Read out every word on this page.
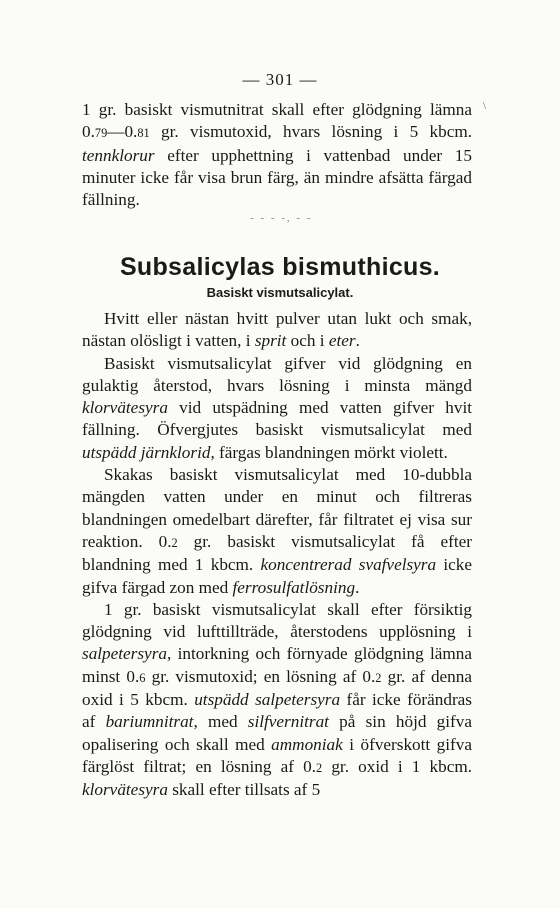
— 301 —
\

1 gr. basiskt vismutnitrat skall efter glödgning lämna 0.79—0.81 gr. vismutoxid, hvars lösning i 5 kbcm. tennklorur efter upphettning i vattenbad under 15 minuter icke får visa brun färg, än mindre afsätta färgad fällning.

- - - -, - -
Subsalicylas bismuthicus.
Basiskt vismutsalicylat.

Hvitt eller nästan hvitt pulver utan lukt och smak, nästan olösligt i vatten, i sprit och i eter.

Basiskt vismutsalicylat gifver vid glödgning en gulaktig återstod, hvars lösning i minsta mängd klorvätesyra vid utspädning med vatten gifver hvit fällning. Öfvergjutes basiskt vismutsalicylat med utspädd järnklorid, färgas blandningen mörkt violett.

Skakas basiskt vismutsalicylat med 10-dubbla mängden vatten under en minut och filtreras blandningen omedelbart därefter, får filtratet ej visa sur reaktion. 0.2 gr. basiskt vismutsalicylat få efter blandning med 1 kbcm. koncentrerad svafvelsyra icke gifva färgad zon med ferrosulfatlösning.

1 gr. basiskt vismutsalicylat skall efter försiktig glödgning vid lufttillträde, återstodens upplösning i salpetersyra, intorkning och förnyade glödgning lämna minst 0.6 gr. vismutoxid; en lösning af 0.2 gr. af denna oxid i 5 kbcm. utspädd salpetersyra får icke förändras af bariumnitrat, med silfvernitrat på sin höjd gifva opalisering och skall med ammoniak i öfverskott gifva färglöst filtrat; en lösning af 0.2 gr. oxid i 1 kbcm. klorvätesyra skall efter tillsats af 5
